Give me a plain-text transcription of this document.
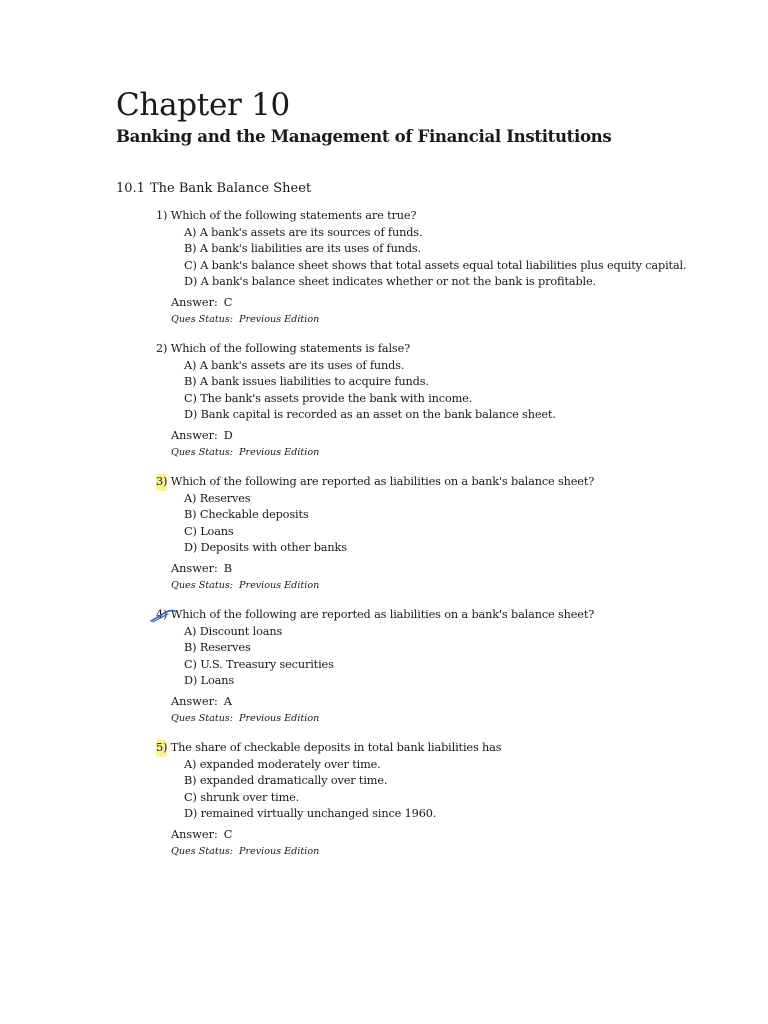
Chapter 10
Banking and the Management of Financial Institutions
10.1 The Bank Balance Sheet
1) Which of the following statements are true?
A) A bank's assets are its sources of funds.
B) A bank's liabilities are its uses of funds.
C) A bank's balance sheet shows that total assets equal total liabilities plus equity capital.
D) A bank's balance sheet indicates whether or not the bank is profitable.
Answer: C
Ques Status: Previous Edition
2) Which of the following statements is false?
A) A bank's assets are its uses of funds.
B) A bank issues liabilities to acquire funds.
C) The bank's assets provide the bank with income.
D) Bank capital is recorded as an asset on the bank balance sheet.
Answer: D
Ques Status: Previous Edition
3) Which of the following are reported as liabilities on a bank's balance sheet?
A) Reserves
B) Checkable deposits
C) Loans
D) Deposits with other banks
Answer: B
Ques Status: Previous Edition
4) Which of the following are reported as liabilities on a bank's balance sheet?
A) Discount loans
B) Reserves
C) U.S. Treasury securities
D) Loans
Answer: A
Ques Status: Previous Edition
5) The share of checkable deposits in total bank liabilities has
A) expanded moderately over time.
B) expanded dramatically over time.
C) shrunk over time.
D) remained virtually unchanged since 1960.
Answer: C
Ques Status: Previous Edition
